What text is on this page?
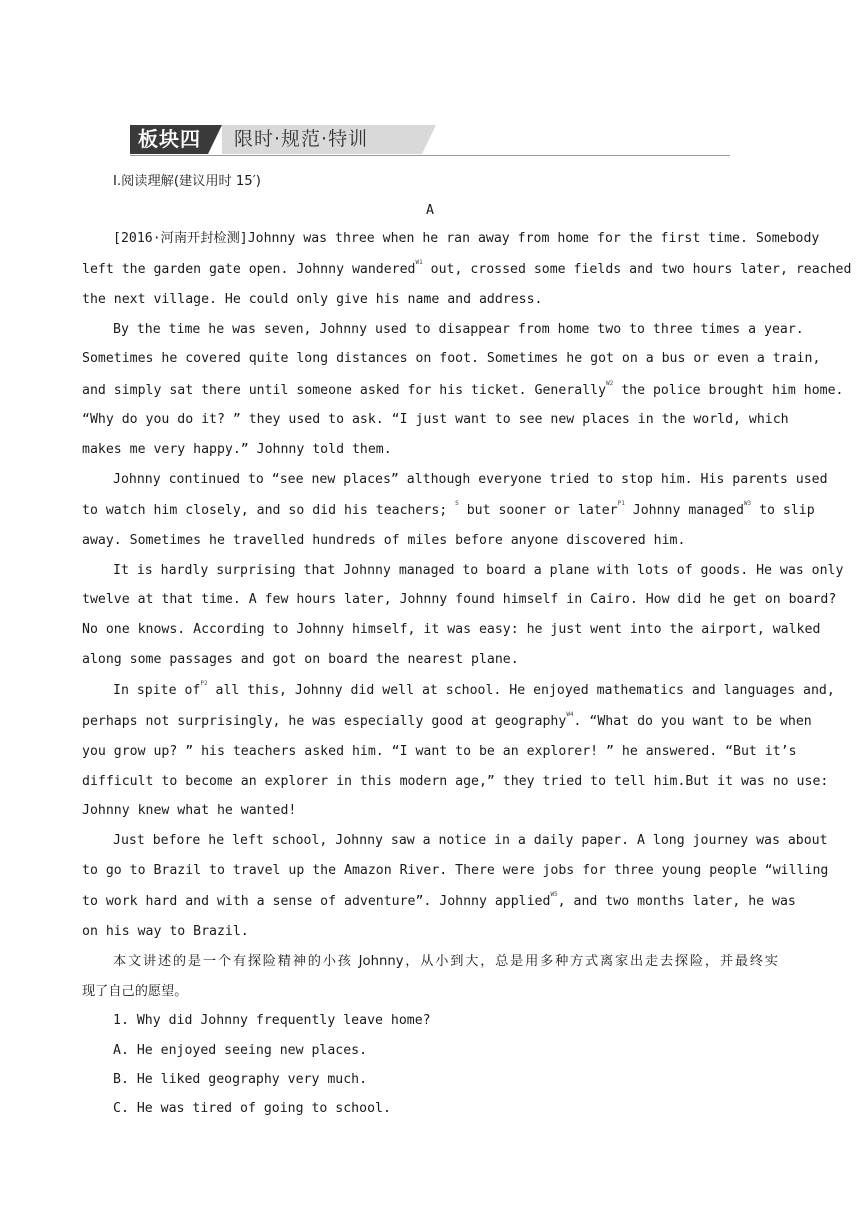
板块四	限时·规范·特训
Ⅰ.阅读理解(建议用时 15′)
A
[2016·河南开封检测]Johnny was three when he ran away from home for the first time. Somebody
left the garden gate open. Johnny wandered$^{W1}$ out, crossed some fields and two hours later, reached
the next village. He could only give his name and address.
By the time he was seven, Johnny used to disappear from home two to three times a year.
Sometimes he covered quite long distances on foot. Sometimes he got on a bus or even a train,
and simply sat there until someone asked for his ticket. Generally$^{W2}$ the police brought him home.
“Why do you do it? ” they used to ask. “I just want to see new places in the world, which
makes me very happy.” Johnny told them.
Johnny continued to “see new places” although everyone tried to stop him. His parents used
to watch him closely, and so did his teachers; $^S$ but sooner or later$^{P1}$ Johnny managed$^{W3}$ to slip
away. Sometimes he travelled hundreds of miles before anyone discovered him.
It is hardly surprising that Johnny managed to board a plane with lots of goods. He was only
twelve at that time. A few hours later, Johnny found himself in Cairo. How did he get on board?
No one knows. According to Johnny himself, it was easy: he just went into the airport, walked
along some passages and got on board the nearest plane.
In spite $of^{P2}$ all this, Johnny did well at school. He enjoyed mathematics and languages and,
perhaps not surprisingly, he was especially good at geography$^{W4}$. “What do you want to be when
you grow up? ” his teachers asked him. “I want to be an explorer! ” he answered. “But it’s
difficult to become an explorer in this modern age,” they tried to tell him.But it was no use:
Johnny knew what he wanted!
Just before he left school, Johnny saw a notice in a daily paper. A long journey was about
to go to Brazil to travel up the Amazon River. There were jobs for three young people “willing
to work hard and with a sense of adventure”. Johnny applied$^{W5}$, and two months later, he was
on his way to Brazil.
本文讲述的是一个有探险精神的小孩 Johnny，从小到大，总是用多种方式离家出走去探险，并最终实
现了自己的愿望。
1. Why did Johnny frequently leave home?
A. He enjoyed seeing new places.
B. He liked geography very much.
C. He was tired of going to school.
